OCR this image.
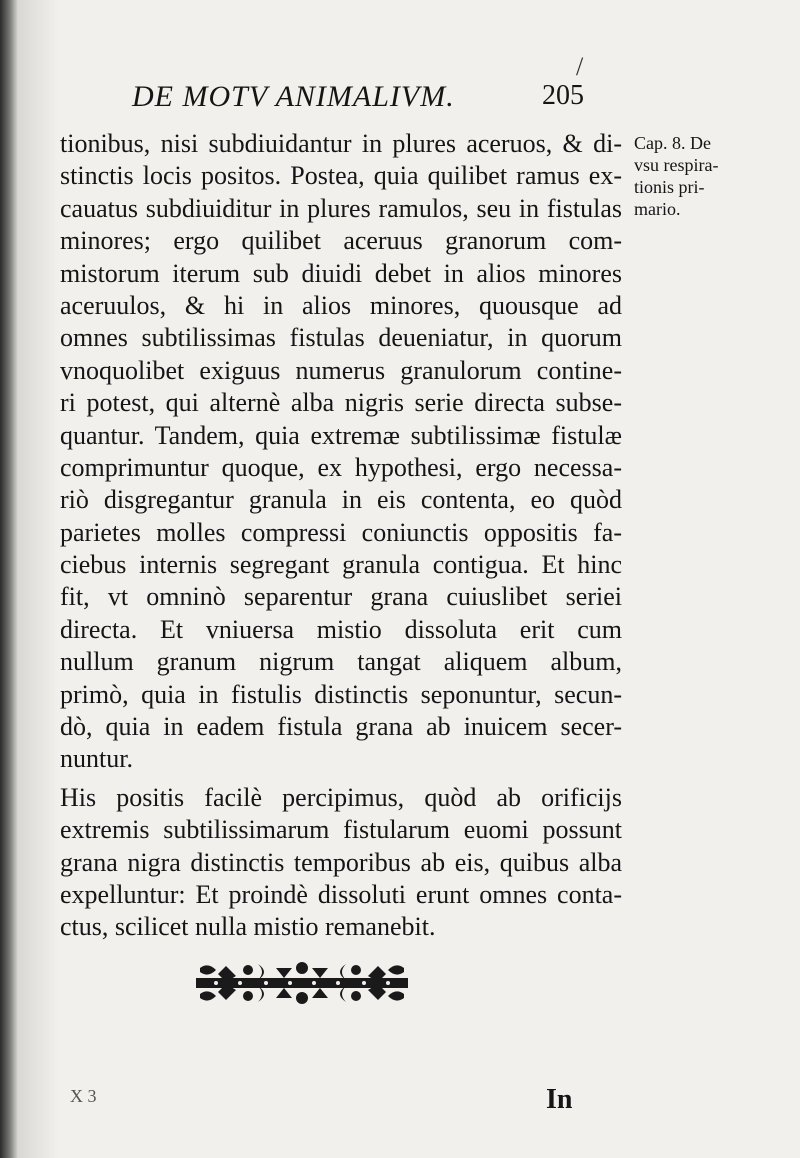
DE MOTV ANIMALIVM.	205
/
tionibus, nisi subdiuidantur in plures aceruos, & di-
stinctis locis positos. Postea, quia quilibet ramus ex-
cauatus subdiuiditur in plures ramulos, seu in fistulas
minores; ergo quilibet aceruus granorum com-
mistorum iterum sub diuidi debet in alios minores
aceruulos, & hi in alios minores, quousque ad
omnes subtilissimas fistulas deueniatur, in quorum
vnoquolibet exiguus numerus granulorum contine-
ri potest, qui alternè alba nigris serie directa subse-
quantur. Tandem, quia extremæ subtilissimæ fistulæ
comprimuntur quoque, ex hypothesi, ergo necessa-
riò disgregantur granula in eis contenta, eo quòd
parietes molles compressi coniunctis oppositis fa-
ciebus internis segregant granula contigua. Et hinc
fit, vt omninò separentur grana cuiuslibet seriei
directa. Et vniuersa mistio dissoluta erit cum
nullum granum nigrum tangat aliquem album,
primò, quia in fistulis distinctis seponuntur, secun-
dò, quia in eadem fistula grana ab inuicem secer-
nuntur.
His positis facilè percipimus, quòd ab orificijs
extremis subtilissimarum fistularum euomi possunt
grana nigra distinctis temporibus ab eis, quibus alba
expelluntur: Et proindè dissoluti erunt omnes conta-
ctus, scilicet nulla mistio remanebit.
Cap. 8. De
vsu respira-
tionis pri-
mario.
X 3	In
